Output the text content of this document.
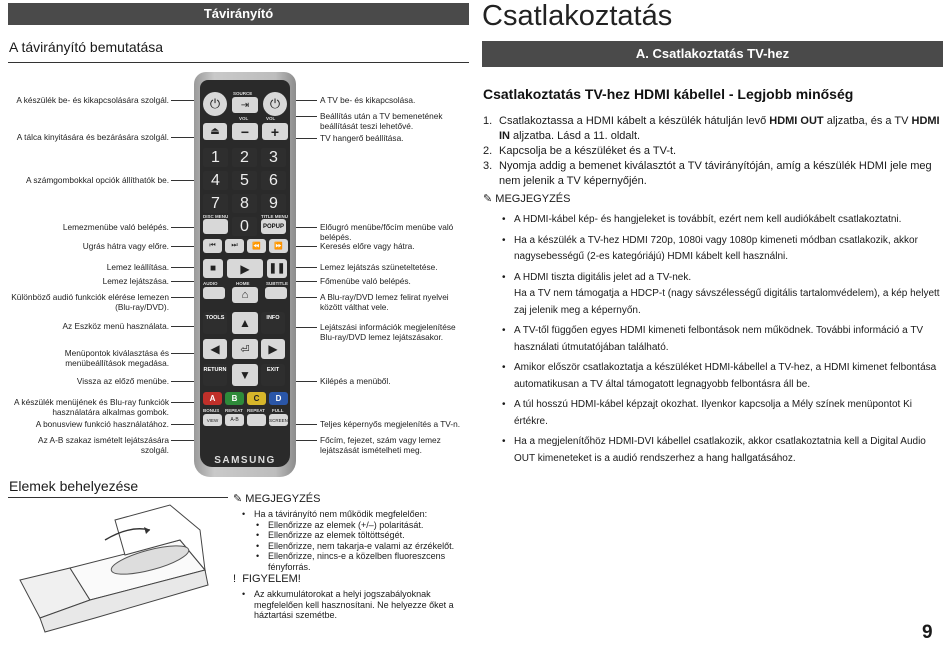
Távirányító
A távirányító bemutatása
A készülék be- és kikapcsolására szolgál.
A tálca kinyitására és bezárására szolgál.
A számgombokkal opciók állíthatók be.
Lemezmenübe való belépés.
Ugrás hátra vagy előre.
Lemez leállítása.
Lemez lejátszása.
Különböző audió funkciók elérése lemezen (Blu-ray/DVD).
Az Eszköz menü használata.
Menüpontok kiválasztása és menübeállítások megadása.
Vissza az előző menübe.
A készülék menüjének és Blu-ray funkciók használatára alkalmas gombok.
A bonusview funkció használatához.
Az A-B szakaz ismételt lejátszására szolgál.
A TV be- és kikapcsolása.
Beállítás után a TV bemenetének beállítását teszi lehetővé.
TV hangerő beállítása.
Előugró menübe/főcím menübe való belépés.
Keresés előre vagy hátra.
Lemez lejátszás szüneteltetése.
Főmenübe való belépés.
A Blu-ray/DVD lemez felirat nyelvei között válthat vele.
Lejátszási információk megjelenítése Blu-ray/DVD lemez lejátszásakor.
Kilépés a menüből.
Teljes képernyős megjelenítés a TV-n.
Főcím, fejezet, szám vagy lemez lejátszását ismételheti meg.
⏻	⏻
SOURCE
⇥
VOL	VOL
⏏	−	+
1	2	3
4	5	6
7	8	9
DISC MENU	TITLE MENU
0	POPUP
⏮	⏭	⏪	⏩
■	▶	❚❚
AUDIO	HOME	SUBTITLE
⌂
TOOLS	INFO
▲
◀ ⏎ ▶
RETURN ▼	EXIT
A	B	C	D
BONUS REPEAT REPEAT FULL
VIEW	A-B	SCREEN
SAMSUNG
Elemek behelyezése
✎ MEGJEGYZÉS
• Ha a távirányító nem működik megfelelően:
• Ellenőrizze az elemek (+/–) polaritását.
• Ellenőrizze az elemek töltöttségét.
• Ellenőrizze, nem takarja-e valami az érzékelőt.
• Ellenőrizze, nincs-e a közelben fluoreszcens fényforrás.
! FIGYELEM!
• Az akkumulátorokat a helyi jogszabályoknak megfelelően kell hasznosítani. Ne helyezze őket a háztartási szemétbe.
Csatlakoztatás
A. Csatlakoztatás TV-hez
Csatlakoztatás TV-hez HDMI kábellel - Legjobb minőség
1. Csatlakoztassa a HDMI kábelt a készülék hátulján levő HDMI OUT aljzatba, és a TV HDMI IN aljzatba. Lásd a 11. oldalt.
2. Kapcsolja be a készüléket és a TV-t.
3. Nyomja addig a bemenet kiválasztót a TV távirányítóján, amíg a készülék HDMI jele meg nem jelenik a TV képernyőjén.
✎ MEGJEGYZÉS
• A HDMI-kábel kép- és hangjeleket is továbbít, ezért nem kell audiókábelt csatlakoztatni.
• Ha a készülék a TV-hez HDMI 720p, 1080i vagy 1080p kimeneti módban csatlakozik, akkor nagysebességű (2-es kategóriájú) HDMI kábelt kell használni.
• A HDMI tiszta digitális jelet ad a TV-nek.
Ha a TV nem támogatja a HDCP-t (nagy sávszélességű digitális tartalomvédelem), a kép helyett zaj jelenik meg a képernyőn.
• A TV-től függően egyes HDMI kimeneti felbontások nem működnek. További információ a TV használati útmutatójában található.
• Amikor először csatlakoztatja a készüléket HDMI-kábellel a TV-hez, a HDMI kimenet felbontása automatikusan a TV által támogatott legnagyobb felbontásra áll be.
• A túl hosszú HDMI-kábel képzajt okozhat. Ilyenkor kapcsolja a Mély színek menüpontot Ki értékre.
• Ha a megjelenítőhöz HDMI-DVI kábellel csatlakozik, akkor csatlakoztatnia kell a Digital Audio OUT kimeneteket is a audió rendszerhez a hang hallgatásához.
9
